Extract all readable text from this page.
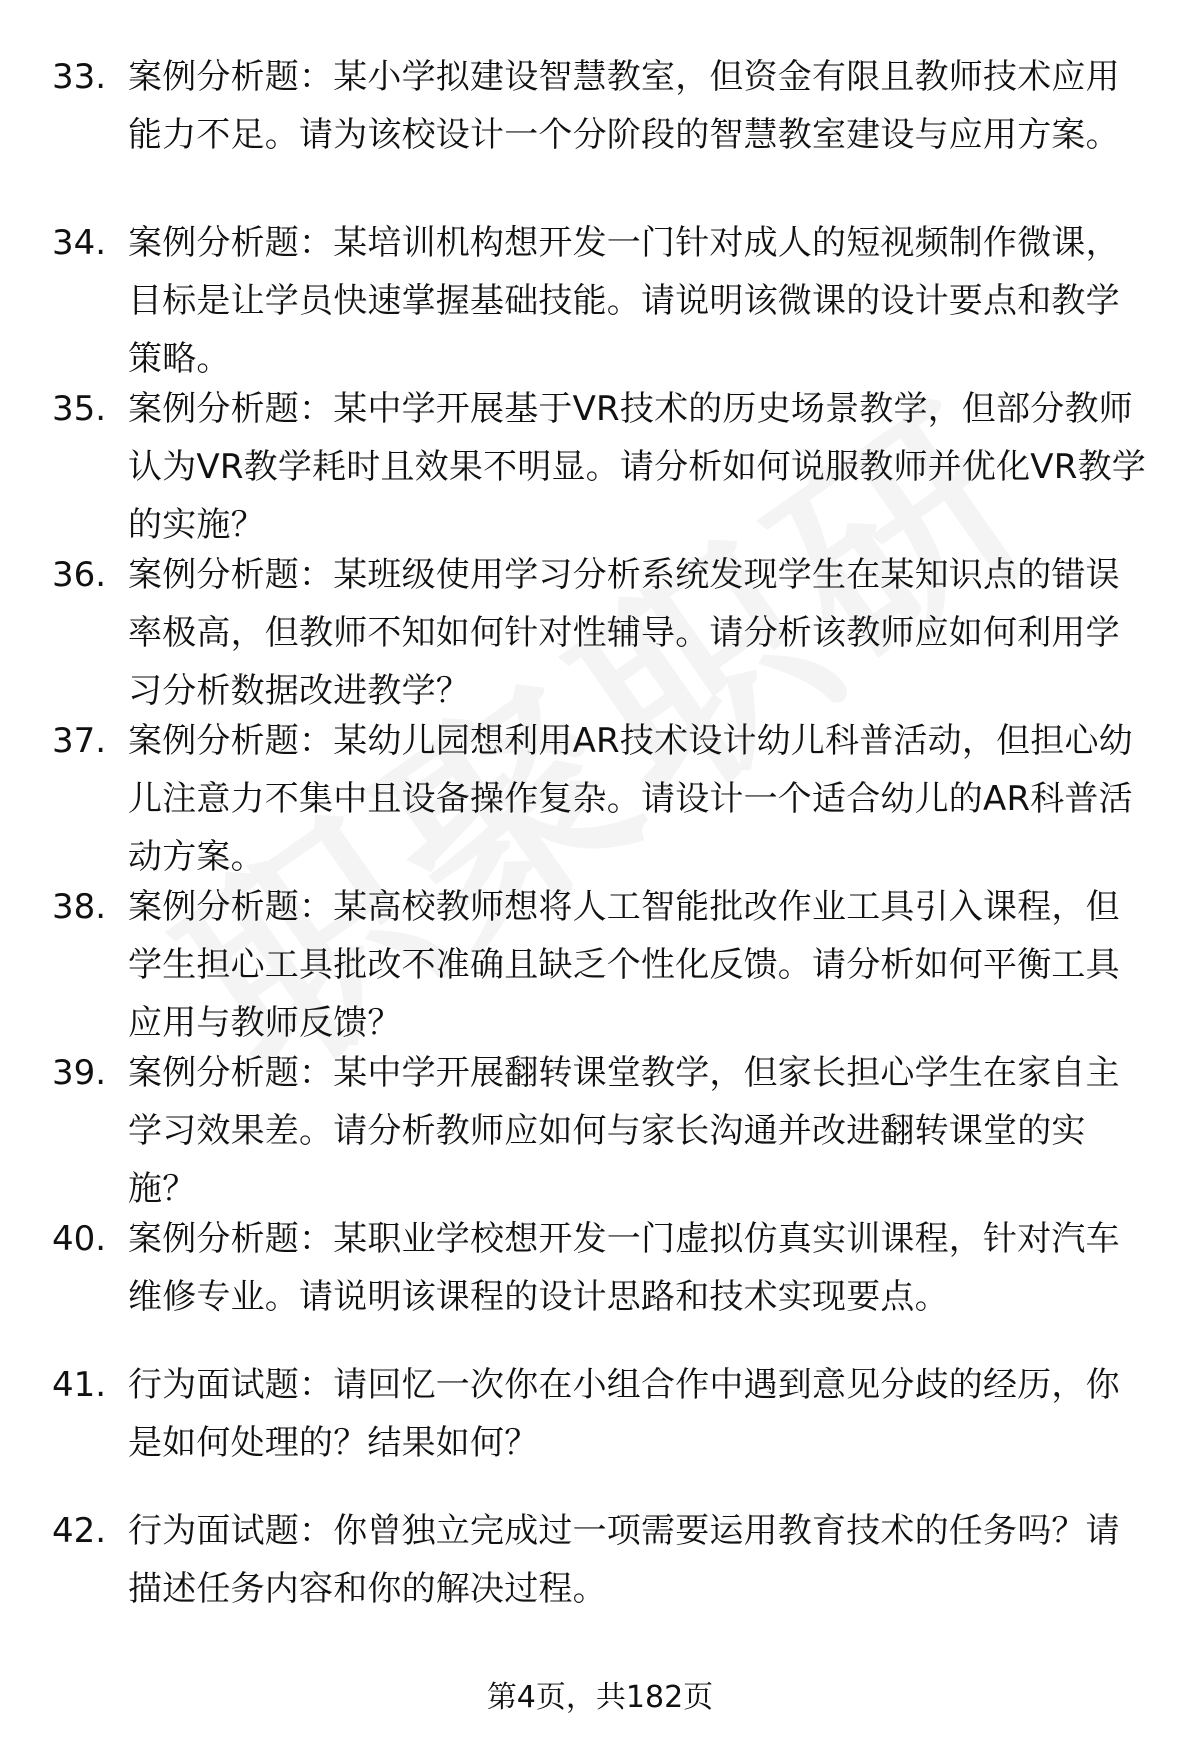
33. 案例分析题：某小学拟建设智慧教室，但资金有限且教师技术应用能力不足。请为该校设计一个分阶段的智慧教室建设与应用方案。
34. 案例分析题：某培训机构想开发一门针对成人的短视频制作微课，目标是让学员快速掌握基础技能。请说明该微课的设计要点和教学策略。
35. 案例分析题：某中学开展基于VR技术的历史场景教学，但部分教师认为VR教学耗时且效果不明显。请分析如何说服教师并优化VR教学的实施？
36. 案例分析题：某班级使用学习分析系统发现学生在某知识点的错误率极高，但教师不知如何针对性辅导。请分析该教师应如何利用学习分析数据改进教学？
37. 案例分析题：某幼儿园想利用AR技术设计幼儿科普活动，但担心幼儿注意力不集中且设备操作复杂。请设计一个适合幼儿的AR科普活动方案。
38. 案例分析题：某高校教师想将人工智能批改作业工具引入课程，但学生担心工具批改不准确且缺乏个性化反馈。请分析如何平衡工具应用与教师反馈？
39. 案例分析题：某中学开展翻转课堂教学，但家长担心学生在家自主学习效果差。请分析教师应如何与家长沟通并改进翻转课堂的实施？
40. 案例分析题：某职业学校想开发一门虚拟仿真实训课程，针对汽车维修专业。请说明该课程的设计思路和技术实现要点。
41. 行为面试题：请回忆一次你在小组合作中遇到意见分歧的经历，你是如何处理的？结果如何？
42. 行为面试题：你曾独立完成过一项需要运用教育技术的任务吗？请描述任务内容和你的解决过程。
第4页，共182页
